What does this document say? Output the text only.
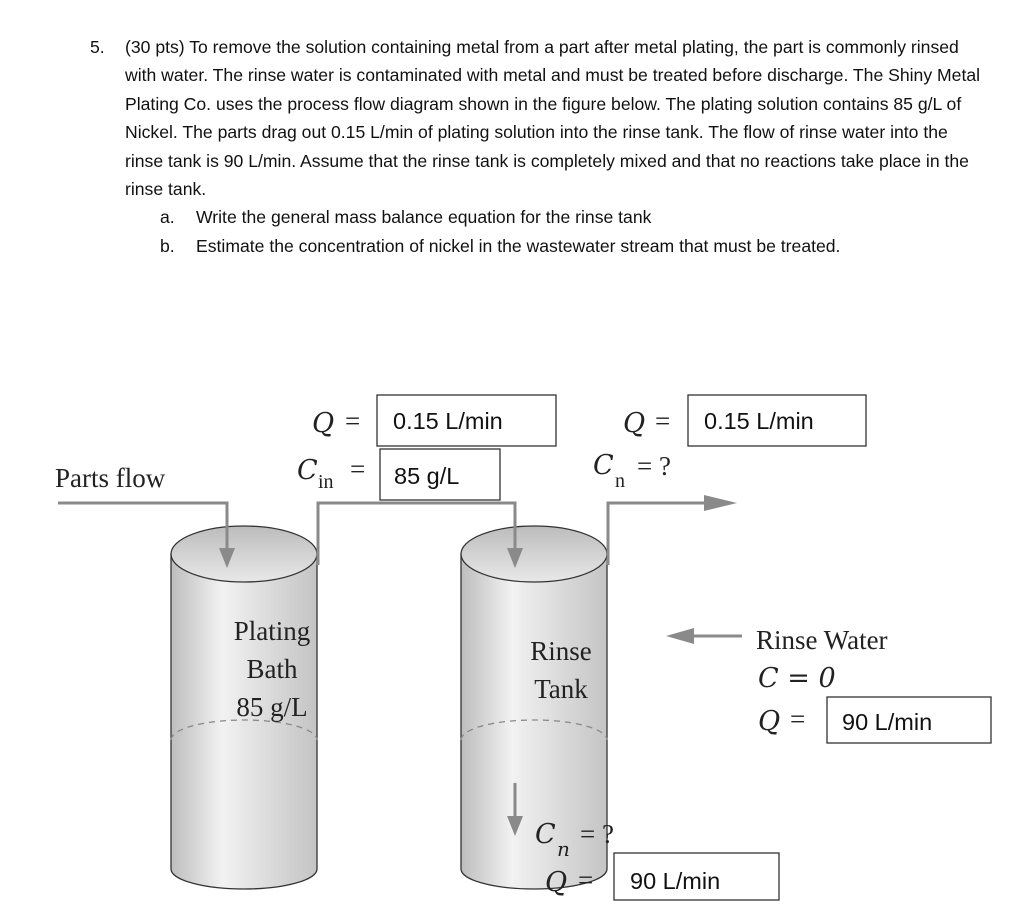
5. (30 pts) To remove the solution containing metal from a part after metal plating, the part is commonly rinsed with water. The rinse water is contaminated with metal and must be treated before discharge. The Shiny Metal Plating Co. uses the process flow diagram shown in the figure below. The plating solution contains 85 g/L of Nickel. The parts drag out 0.15 L/min of plating solution into the rinse tank. The flow of rinse water into the rinse tank is 90 L/min. Assume that the rinse tank is completely mixed and that no reactions take place in the rinse tank.
a. Write the general mass balance equation for the rinse tank
b. Estimate the concentration of nickel in the wastewater stream that must be treated.
Parts flow
Q = 0.15 L/min
C in = 85 g/L
Q = 0.15 L/min
C n = ?
Plating
Bath
85 g/L
Rinse
Tank
Rinse Water
C = 0
Q = 90 L/min
C n = ?
Q = 90 L/min
